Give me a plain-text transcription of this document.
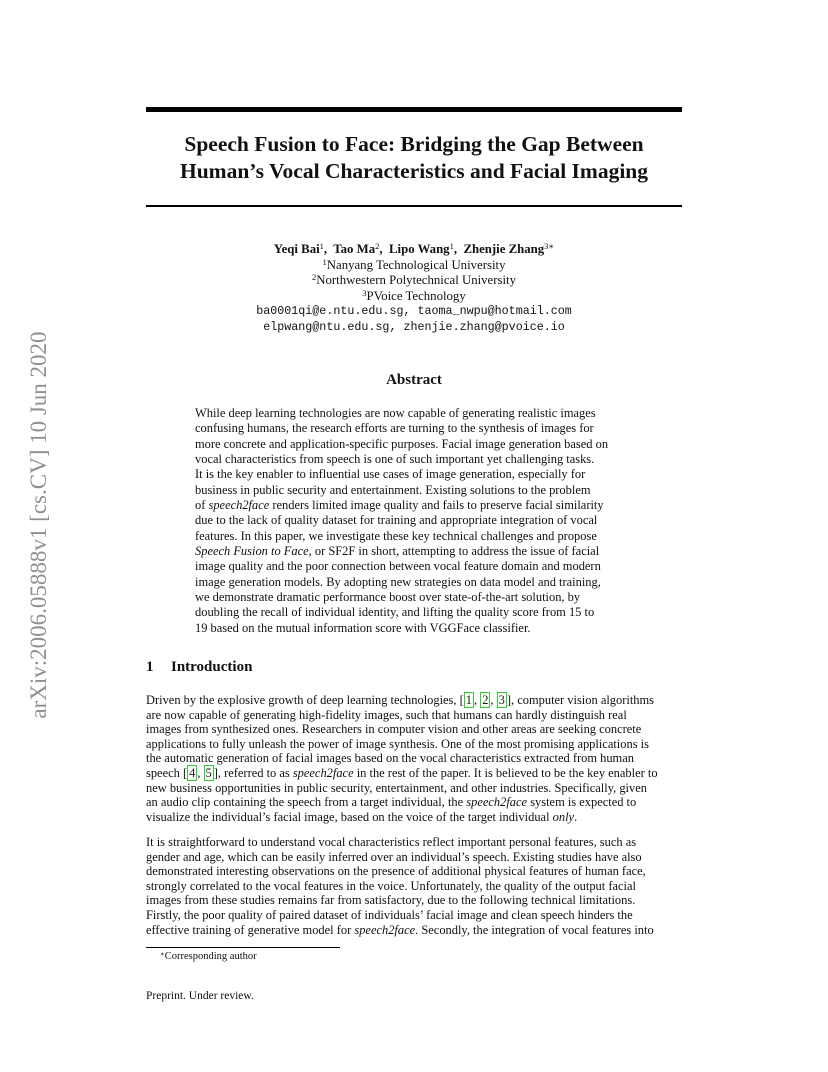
arXiv:2006.05888v1 [cs.CV] 10 Jun 2020
Speech Fusion to Face: Bridging the Gap Between
Human’s Vocal Characteristics and Facial Imaging
Yeqi Bai$^1$,  Tao Ma$^2$,  Lipo Wang$^1$,  Zhenjie Zhang$^{3∗}$
$^1$Nanyang Technological University
$^2$Northwestern Polytechnical University
$^3$PVoice Technology
ba0001qi@e.ntu.edu.sg, taoma_nwpu@hotmail.com
elpwang@ntu.edu.sg, zhenjie.zhang@pvoice.io
Abstract
While deep learning technologies are now capable of generating realistic images
confusing humans, the research efforts are turning to the synthesis of images for
more concrete and application-specific purposes. Facial image generation based on
vocal characteristics from speech is one of such important yet challenging tasks.
It is the key enabler to influential use cases of image generation, especially for
business in public security and entertainment. Existing solutions to the problem
of speech2face renders limited image quality and fails to preserve facial similarity
due to the lack of quality dataset for training and appropriate integration of vocal
features. In this paper, we investigate these key technical challenges and propose
Speech Fusion to Face, or SF2F in short, attempting to address the issue of facial
image quality and the poor connection between vocal feature domain and modern
image generation models. By adopting new strategies on data model and training,
we demonstrate dramatic performance boost over state-of-the-art solution, by
doubling the recall of individual identity, and lifting the quality score from 15 to
19 based on the mutual information score with VGGFace classifier.
1 Introduction
Driven by the explosive growth of deep learning technologies, [ 1 , 2 , 3 ], computer vision algorithms
are now capable of generating high-fidelity images, such that humans can hardly distinguish real
images from synthesized ones. Researchers in computer vision and other areas are seeking concrete
applications to fully unleash the power of image synthesis. One of the most promising applications is
the automatic generation of facial images based on the vocal characteristics extracted from human
speech [ 4 , 5 ], referred to as speech2face in the rest of the paper. It is believed to be the key enabler to
new business opportunities in public security, entertainment, and other industries. Specifically, given
an audio clip containing the speech from a target individual, the speech2face system is expected to
visualize the individual’s facial image, based on the voice of the target individual only.
It is straightforward to understand vocal characteristics reflect important personal features, such as
gender and age, which can be easily inferred over an individual’s speech. Existing studies have also
demonstrated interesting observations on the presence of additional physical features of human face,
strongly correlated to the vocal features in the voice. Unfortunately, the quality of the output facial
images from these studies remains far from satisfactory, due to the following technical limitations.
Firstly, the poor quality of paired dataset of individuals’ facial image and clean speech hinders the
effective training of generative model for speech2face. Secondly, the integration of vocal features into

∗Corresponding author

Preprint. Under review.
